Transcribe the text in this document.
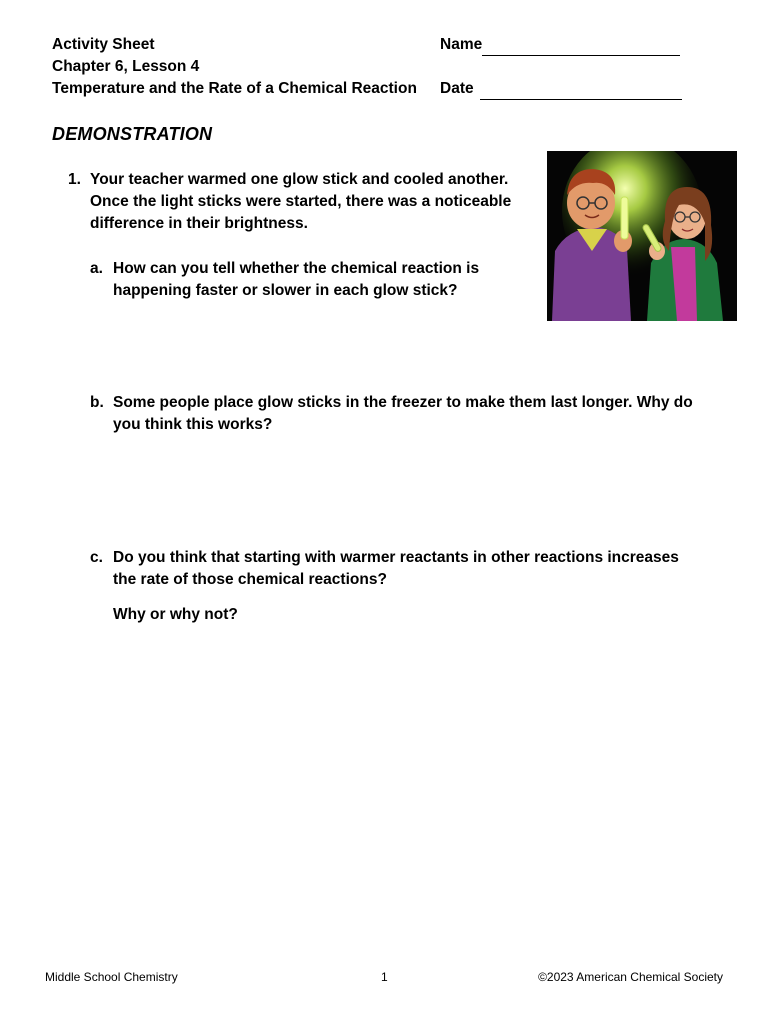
Activity Sheet
Chapter 6, Lesson 4
Temperature and the Rate of a Chemical Reaction
Name
Date
DEMONSTRATION
1. Your teacher warmed one glow stick and cooled another.
Once the light sticks were started, there was a noticeable
difference in their brightness.
a. How can you tell whether the chemical reaction is
happening faster or slower in each glow stick?
b. Some people place glow sticks in the freezer to make them last longer. Why do
you think this works?
c. Do you think that starting with warmer reactants in other reactions increases
the rate of those chemical reactions?
Why or why not?
Middle School Chemistry	1	©2023 American Chemical Society
